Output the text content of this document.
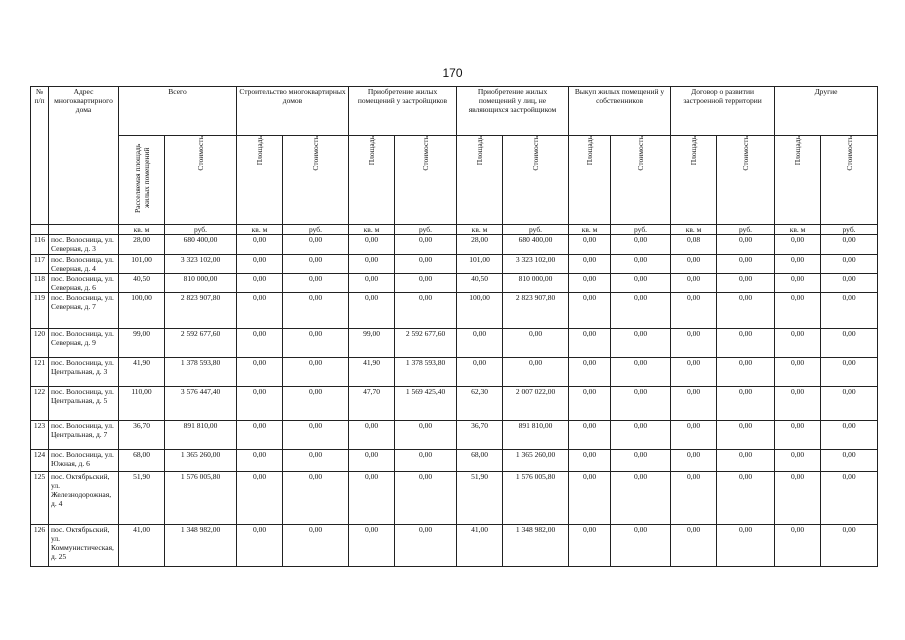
170
№ п/п	Адрес многоквартирного дома	Всего		Строительство многоквартирных домов		Приобретение жилых помещений у застройщиков		Приобретение жилых помещений у лиц, не являющихся застройщиком		Выкуп жилых помещений у собственников		Договор о развитии застроенной территории		Другие	

		Расселяемая площадь жилых помещений	Стоимость	Площадь	Стоимость	Площадь	Стоимость	Площадь	Стоимость	Площадь	Стоимость	Площадь	Стоимость	Площадь	Стоимость

		кв. м	руб.	кв. м	руб.	кв. м	руб.	кв. м	руб.	кв. м	руб.	кв. м	руб.	кв. м	руб.
116	пос. Волосница, ул. Северная, д. 3	28,00	680 400,00	0,00	0,00	0,00	0,00	28,00	680 400,00	0,00	0,00	0,08	0,00	0,00	0,00
117	пос. Волосница, ул. Северная, д. 4	101,00	3 323 102,00	0,00	0,00	0,00	0,00	101,00	3 323 102,00	0,00	0,00	0,00	0,00	0,00	0,00
118	пос. Волосница, ул. Северная, д. 6	40,50	810 000,00	0,00	0,00	0,00	0,00	40,50	810 000,00	0,00	0,00	0,00	0,00	0,00	0,00
119	пос. Волосница, ул. Северная, д. 7	100,00	2 823 907,80	0,00	0,00	0,00	0,00	100,00	2 823 907,80	0,00	0,00	0,00	0,00	0,00	0,00
120	пос. Волосница, ул. Северная, д. 9	99,00	2 592 677,60	0,00	0,00	99,00	2 592 677,60	0,00	0,00	0,00	0,00	0,00	0,00	0,00	0,00
121	пос. Волосница, ул. Центральная, д. 3	41,90	1 378 593,80	0,00	0,00	41,90	1 378 593,80	0,00	0,00	0,00	0,00	0,00	0,00	0,00	0,00
122	пос. Волосница, ул. Центральная, д. 5	110,00	3 576 447,40	0,00	0,00	47,70	1 569 425,40	62,30	2 007 022,00	0,00	0,00	0,00	0,00	0,00	0,00
123	пос. Волосница, ул. Центральная, д. 7	36,70	891 810,00	0,00	0,00	0,00	0,00	36,70	891 810,00	0,00	0,00	0,00	0,00	0,00	0,00
124	пос. Волосница, ул. Южная, д. 6	68,00	1 365 260,00	0,00	0,00	0,00	0,00	68,00	1 365 260,00	0,00	0,00	0,00	0,00	0,00	0,00
125	пос. Октябрьский, ул. Железнодорожная, д. 4	51,90	1 576 005,80	0,00	0,00	0,00	0,00	51,90	1 576 005,80	0,00	0,00	0,00	0,00	0,00	0,00
126	пос. Октябрьский, ул. Коммунистическая, д. 25	41,00	1 348 982,00	0,00	0,00	0,00	0,00	41,00	1 348 982,00	0,00	0,00	0,00	0,00	0,00	0,00
